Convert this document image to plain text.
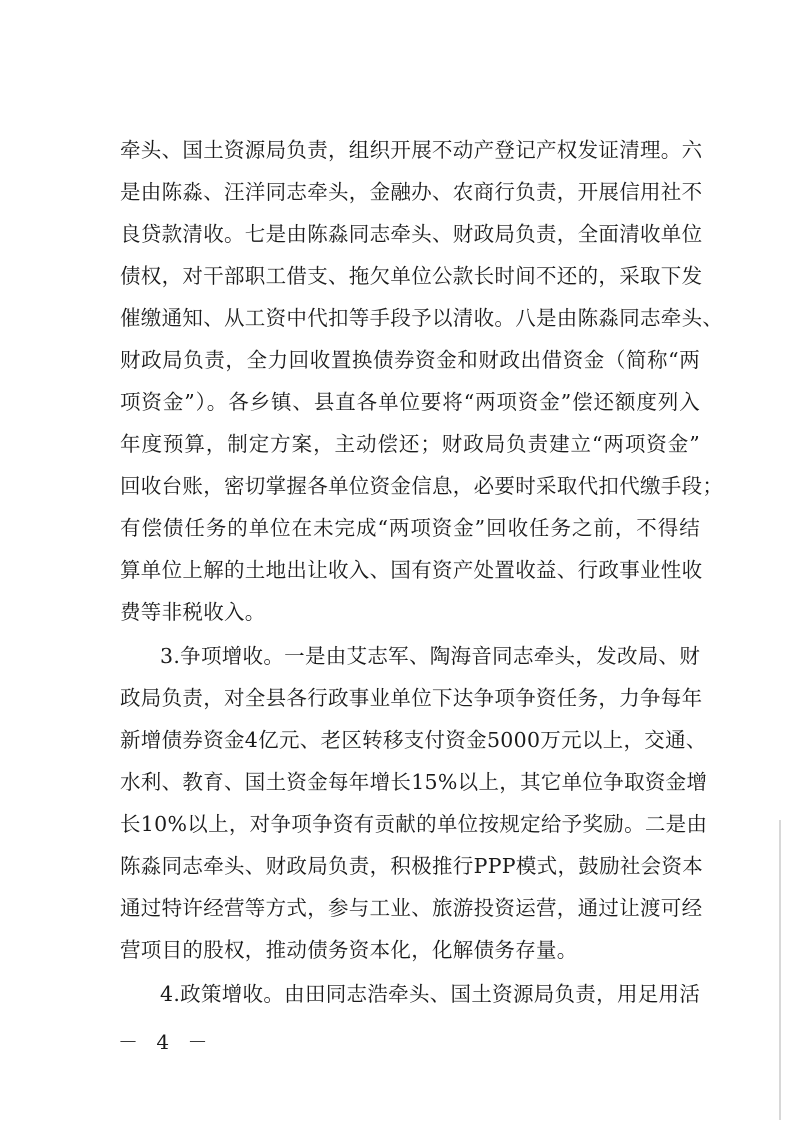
牵头、国土资源局负责，组织开展不动产登记产权发证清理。六
是由陈淼、汪洋同志牵头，金融办、农商行负责，开展信用社不
良贷款清收。七是由陈淼同志牵头、财政局负责，全面清收单位
债权，对干部职工借支、拖欠单位公款长时间不还的，采取下发
催缴通知、从工资中代扣等手段予以清收。八是由陈淼同志牵头、
财政局负责，全力回收置换债券资金和财政出借资金（简称“两
项资金”）。各乡镇、县直各单位要将“两项资金”偿还额度列入
年度预算，制定方案，主动偿还；财政局负责建立“两项资金”
回收台账，密切掌握各单位资金信息，必要时采取代扣代缴手段；
有偿债任务的单位在未完成“两项资金”回收任务之前，不得结
算单位上解的土地出让收入、国有资产处置收益、行政事业性收
费等非税收入。
3.争项增收。一是由艾志军、陶海音同志牵头，发改局、财
政局负责，对全县各行政事业单位下达争项争资任务，力争每年
新增债券资金4亿元、老区转移支付资金5000万元以上，交通、
水利、教育、国土资金每年增长15%以上，其它单位争取资金增
长10%以上，对争项争资有贡献的单位按规定给予奖励。二是由
陈淼同志牵头、财政局负责，积极推行PPP模式，鼓励社会资本
通过特许经营等方式，参与工业、旅游投资运营，通过让渡可经
营项目的股权，推动债务资本化，化解债务存量。
4.政策增收。由田同志浩牵头、国土资源局负责，用足用活
－ 4 －
